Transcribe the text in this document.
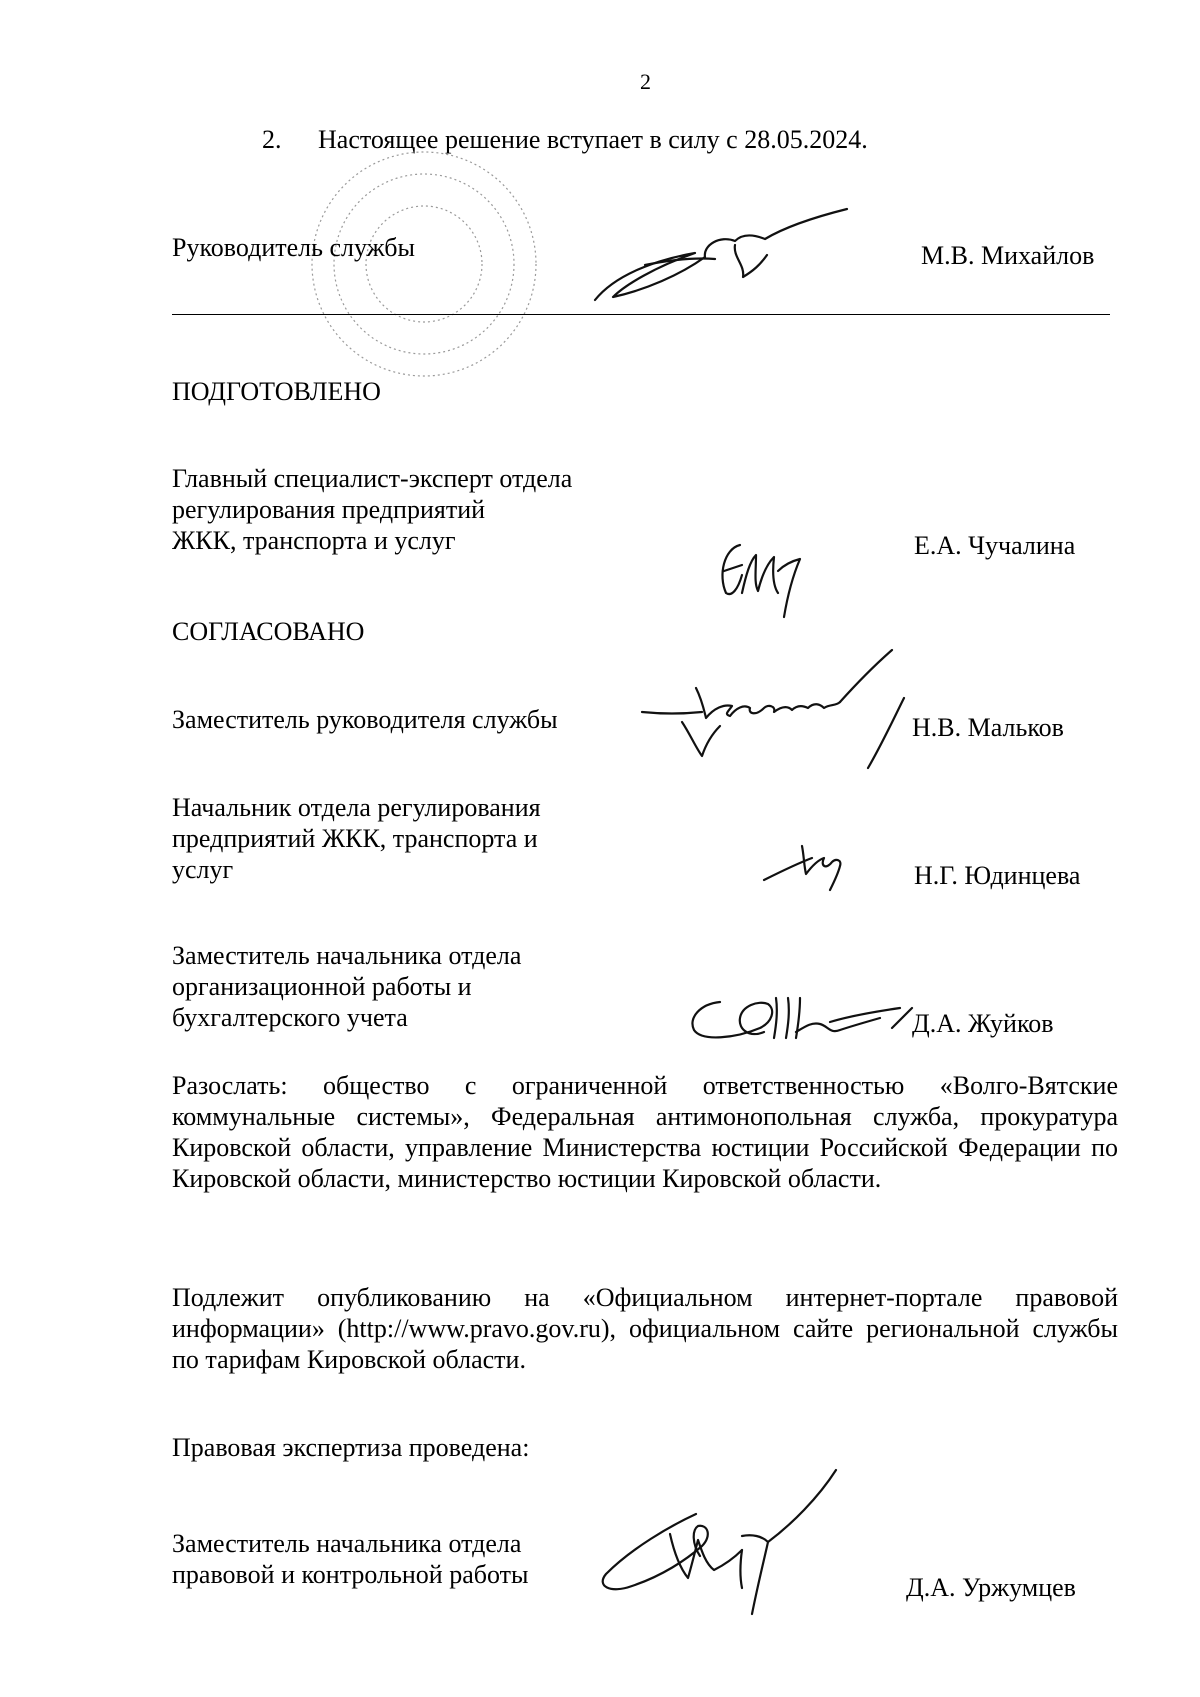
2
2. Настоящее решение вступает в силу с 28.05.2024.
Руководитель службы	М.В. Михайлов
ПОДГОТОВЛЕНО
Главный специалист-эксперт отдела
регулирования предприятий
ЖКК, транспорта и услуг	Е.А. Чучалина
СОГЛАСОВАНО
Заместитель руководителя службы	Н.В. Мальков
Начальник отдела регулирования
предприятий ЖКК, транспорта и
услуг	Н.Г. Юдинцева
Заместитель начальника отдела
организационной работы и
бухгалтерского учета	Д.А. Жуйков
Разослать: общество с ограниченной ответственностью «Волго-Вятские коммунальные системы», Федеральная антимонопольная служба, прокуратура Кировской области, управление Министерства юстиции Российской Федерации по Кировской области, министерство юстиции Кировской области.
Подлежит опубликованию на «Официальном интернет-портале правовой информации» (http://www.pravo.gov.ru), официальном сайте региональной службы по тарифам Кировской области.
Правовая экспертиза проведена:
Заместитель начальника отдела
правовой и контрольной работы	Д.А. Уржумцев
